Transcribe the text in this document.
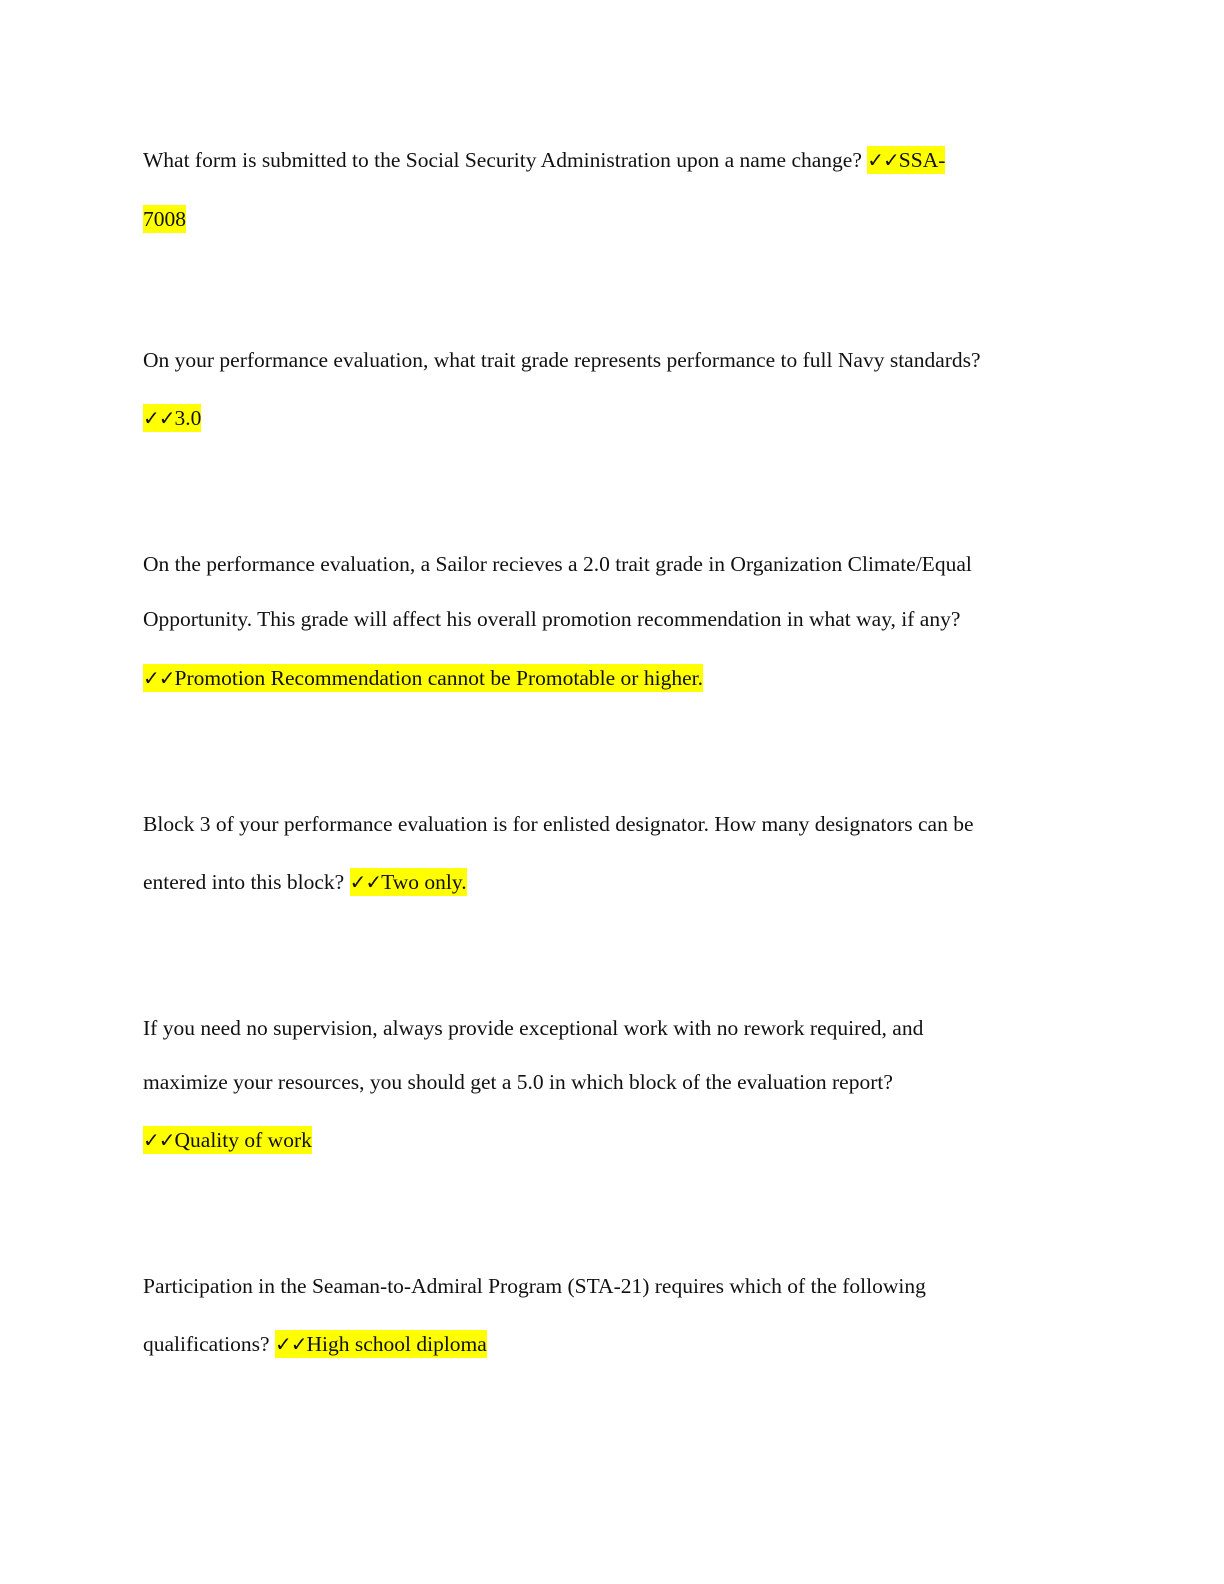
What form is submitted to the Social Security Administration upon a name change? ✓✓SSA-
7008
On your performance evaluation, what trait grade represents performance to full Navy standards?
✓✓3.0
On the performance evaluation, a Sailor recieves a 2.0 trait grade in Organization Climate/Equal
Opportunity. This grade will affect his overall promotion recommendation in what way, if any?
✓✓Promotion Recommendation cannot be Promotable or higher.
Block 3 of your performance evaluation is for enlisted designator. How many designators can be
entered into this block? ✓✓Two only.
If you need no supervision, always provide exceptional work with no rework required, and
maximize your resources, you should get a 5.0 in which block of the evaluation report?
✓✓Quality of work
Participation in the Seaman-to-Admiral Program (STA-21) requires which of the following
qualifications? ✓✓High school diploma
